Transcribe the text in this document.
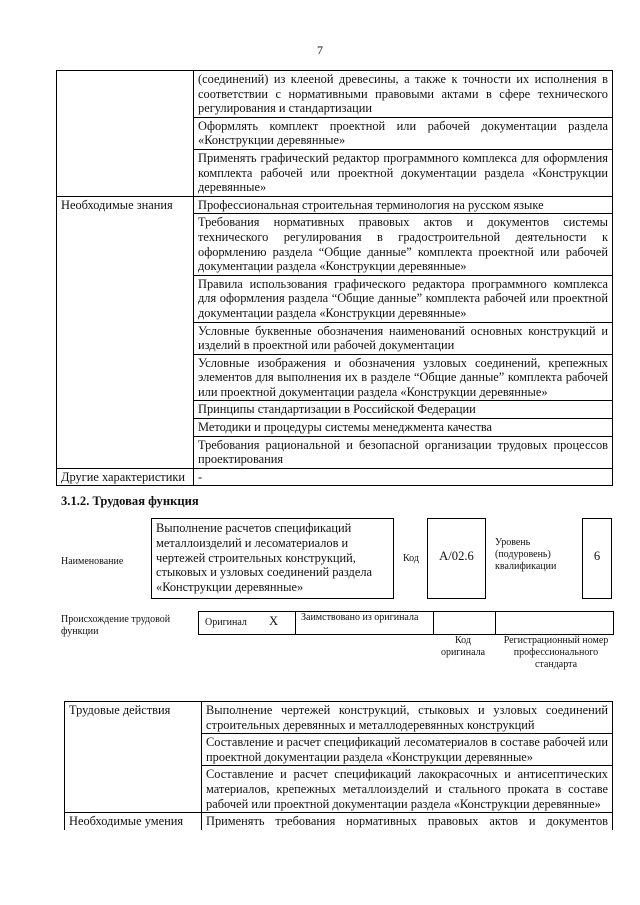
7
	(соединений) из клееной древесины, а также к точности их исполнения в соответствии с нормативными правовыми актами в сфере технического регулирования и стандартизации
	Оформлять комплект проектной или рабочей документации раздела «Конструкции деревянные»
	Применять графический редактор программного комплекса для оформления комплекта рабочей или проектной документации раздела «Конструкции деревянные»
Необходимые знания	Профессиональная строительная терминология на русском языке
	Требования нормативных правовых актов и документов системы технического регулирования в градостроительной деятельности к оформлению раздела “Общие данные” комплекта проектной или рабочей документации раздела «Конструкции деревянные»
	Правила использования графического редактора программного комплекса для оформления раздела “Общие данные” комплекта рабочей или проектной документации раздела «Конструкции деревянные»
	Условные буквенные обозначения наименований основных конструкций и изделий в проектной или рабочей документации
	Условные изображения и обозначения узловых соединений, крепежных элементов для выполнения их в разделе “Общие данные” комплекта рабочей или проектной документации раздела «Конструкции деревянные»
	Принципы стандартизации в Российской Федерации
	Методики и процедуры системы менеджмента качества
	Требования рациональной и безопасной организации трудовых процессов проектирования
Другие характеристики	-
3.1.2. Трудовая функция
Наименование
Выполнение расчетов спецификаций металлоизделий и лесоматериалов и чертежей строительных конструкций, стыковых и узловых соединений раздела «Конструкции деревянные»
Код	А/02.6
Уровень (подуровень) квалификации
6
Происхождение трудовой функции
Оригинал X Заимствовано из оригинала
Код оригинала
Регистрационный номер профессионального стандарта
Трудовые действия	Выполнение чертежей конструкций, стыковых и узловых соединений строительных деревянных и металлодеревянных конструкций
	Составление и расчет спецификаций лесоматериалов в составе рабочей или проектной документации раздела «Конструкции деревянные»
	Составление и расчет спецификаций лакокрасочных и антисептических материалов, крепежных металлоизделий и стального проката в составе рабочей или проектной документации раздела «Конструкции деревянные»
Необходимые умения	Применять требования нормативных правовых актов и документов
